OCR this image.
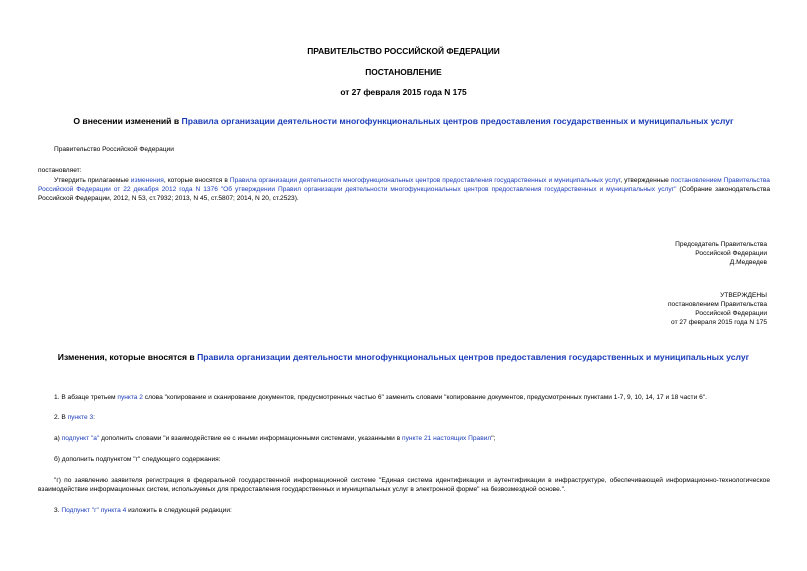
ПРАВИТЕЛЬСТВО РОССИЙСКОЙ ФЕДЕРАЦИИ
ПОСТАНОВЛЕНИЕ
от 27 февраля 2015 года N 175
О внесении изменений в Правила организации деятельности многофункциональных центров предоставления государственных и муниципальных услуг
Правительство Российской Федерации
постановляет:
Утвердить прилагаемые изменения, которые вносятся в Правила организации деятельности многофункциональных центров предоставления государственных и муниципальных услуг, утвержденные постановлением Правительства Российской Федерации от 22 декабря 2012 года N 1376 "Об утверждении Правил организации деятельности многофункциональных центров предоставления государственных и муниципальных услуг" (Собрание законодательства Российской Федерации, 2012, N 53, ст.7932; 2013, N 45, ст.5807; 2014, N 20, ст.2523).
Председатель Правительства
Российской Федерации
Д.Медведев
УТВЕРЖДЕНЫ
постановлением Правительства
Российской Федерации
от 27 февраля 2015 года N 175
Изменения, которые вносятся в Правила организации деятельности многофункциональных центров предоставления государственных и муниципальных услуг
1. В абзаце третьем пункта 2 слова "копирование и сканирование документов, предусмотренных частью 6" заменить словами "копирование документов, предусмотренных пунктами 1-7, 9, 10, 14, 17 и 18 части 6".
2. В пункте 3:
а) подпункт "а" дополнить словами "и взаимодействие ее с иными информационными системами, указанными в пункте 21 настоящих Правил";
б) дополнить подпунктом "г" следующего содержания:
"г) по заявлению заявителя регистрация в федеральной государственной информационной системе "Единая система идентификации и аутентификации в инфраструктуре, обеспечивающей информационно-технологическое взаимодействие информационных систем, используемых для предоставления государственных и муниципальных услуг в электронной форме" на безвозмездной основе.".
3. Подпункт "г" пункта 4 изложить в следующей редакции:
